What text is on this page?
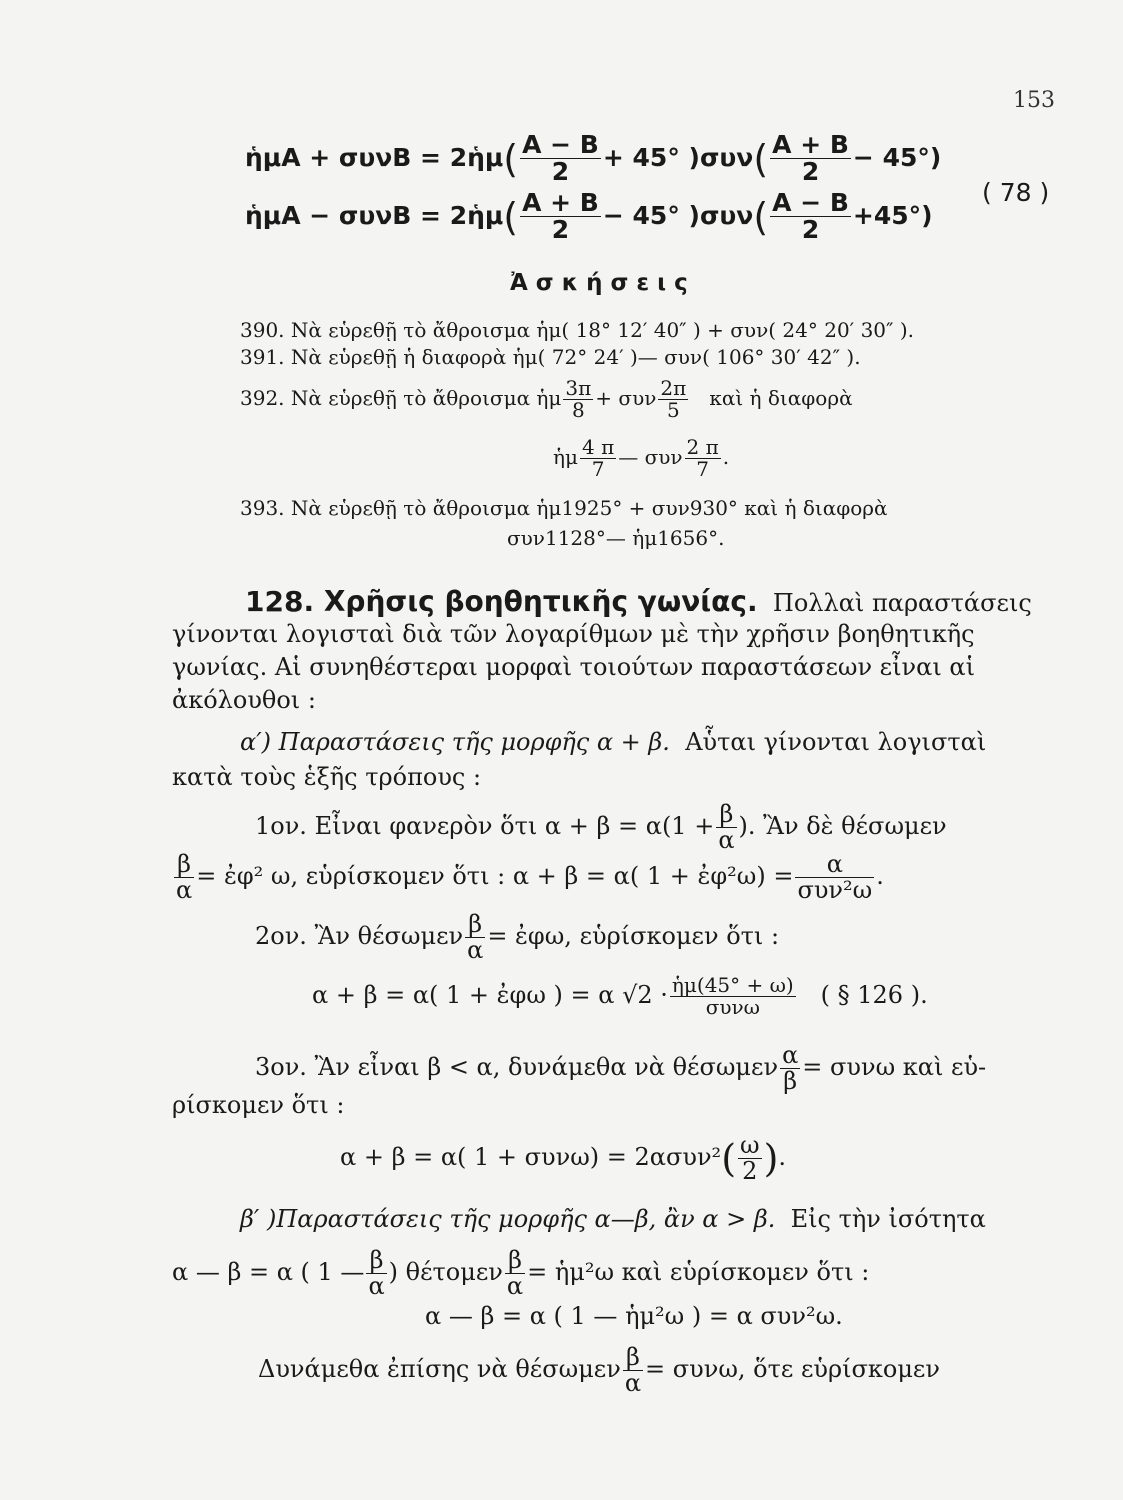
153
ἡμA + συνB = 2ἡμ( $\frac{A - B}{2} + 45^\circ$ )$\sigma\upsilon\nu( \frac{A + B}{2} - 45^\circ)$
ἡμA − συνB = 2ἡμ( $\frac{A + B}{2} - 45^\circ$ )$\sigma\upsilon\nu( \frac{A - B}{2} +45^\circ)$
( 78 )
Ἀ σ κ ή σ ε ι ς
390. Νὰ εὑρεθῇ τὸ ἄθροισμα ἡμ( 18° 12′ 40″ ) + συν( 24° 20′ 30″ ).
391. Νὰ εὑρεθῇ ἡ διαφορὰ ἡμ( 72° 24′ )— συν( 106° 30′ 42″ ).
392. Νὰ εὑρεθῇ τὸ ἄθροισμα ἡμ $\frac{3\pi}{8} + \sigma\upsilon\nu \frac{2\pi}{5}$ καὶ ἡ διαφορὰ
ἡμ $\frac{4 \pi}{7}$ — συν $\frac{2 \pi}{7}$ .
393. Νὰ εὑρεθῇ τὸ ἄθροισμα ἡμ1925° + συν930° καὶ ἡ διαφορὰ
συν1128°— ἡμ1656°.
128. Χρῆσις βοηθητικῆς γωνίας. Πολλαὶ παραστάσεις
γίνονται λογισταὶ διὰ τῶν λογαρίθμων μὲ τὴν χρῆσιν βοηθητικῆς
γωνίας. Αἱ συνηθέστεραι μορφαὶ τοιούτων παραστάσεων εἶναι αἱ
ἀκόλουθοι :
α′) Παραστάσεις τῆς μορφῆς α + β. Αὗται γίνονται λογισταὶ
κατὰ τοὺς ἑξῆς τρόπους :
1ον. Εἶναι φανερὸν ὅτι $\alpha + \beta = \alpha(1 + \frac{\beta}{\alpha}$ ). Ἂν δὲ θέσωμεν
$\frac{\beta}{\alpha}$ = ἐφ² ω, εὑρίσκομεν ὅτι : α + β = α( 1 + ἐφ²ω) = $\frac{\alpha}{\text{συν²ω}}$ .
2ον. Ἂν θέσωμεν $\frac{\beta}{\alpha}$ = ἐφω, εὑρίσκομεν ὅτι :
α + β = α( 1 + ἐφω ) = α $√2 \cdot \frac{\text{ἡμ(45° + ω)}}{\text{συνω}}$ ( § 126 ).
3ον. Ἂν εἶναι β < α, δυνάμεθα νὰ θέσωμεν $\frac{\alpha}{\beta} = \sigma\upsilon\nu\omega$ καὶ εὑ-
ρίσκομεν ὅτι :
α + β = α( $1 + \sigma\upsilon\nu\omega) = 2\alpha\sigma\upsilon\nu^2( \frac{\omega}{2}$ ).
β′ )Παραστάσεις τῆς μορφῆς α—β, ἂν α > β. Εἰς τὴν ἰσότητα
α — β = α ( 1 — $\frac{\beta}{\alpha}$ ) θέτομεν $\frac{\beta}{\alpha}$ = ἡμ²ω καὶ εὑρίσκομεν ὅτι :
α — β = α ( 1 — ἡμ²ω ) = α συν²ω.
Δυνάμεθα ἐπίσης νὰ θέσωμεν $\frac{\beta}{\alpha} = \sigma\upsilon\nu\omega$, ὅτε εὑρίσκομεν
